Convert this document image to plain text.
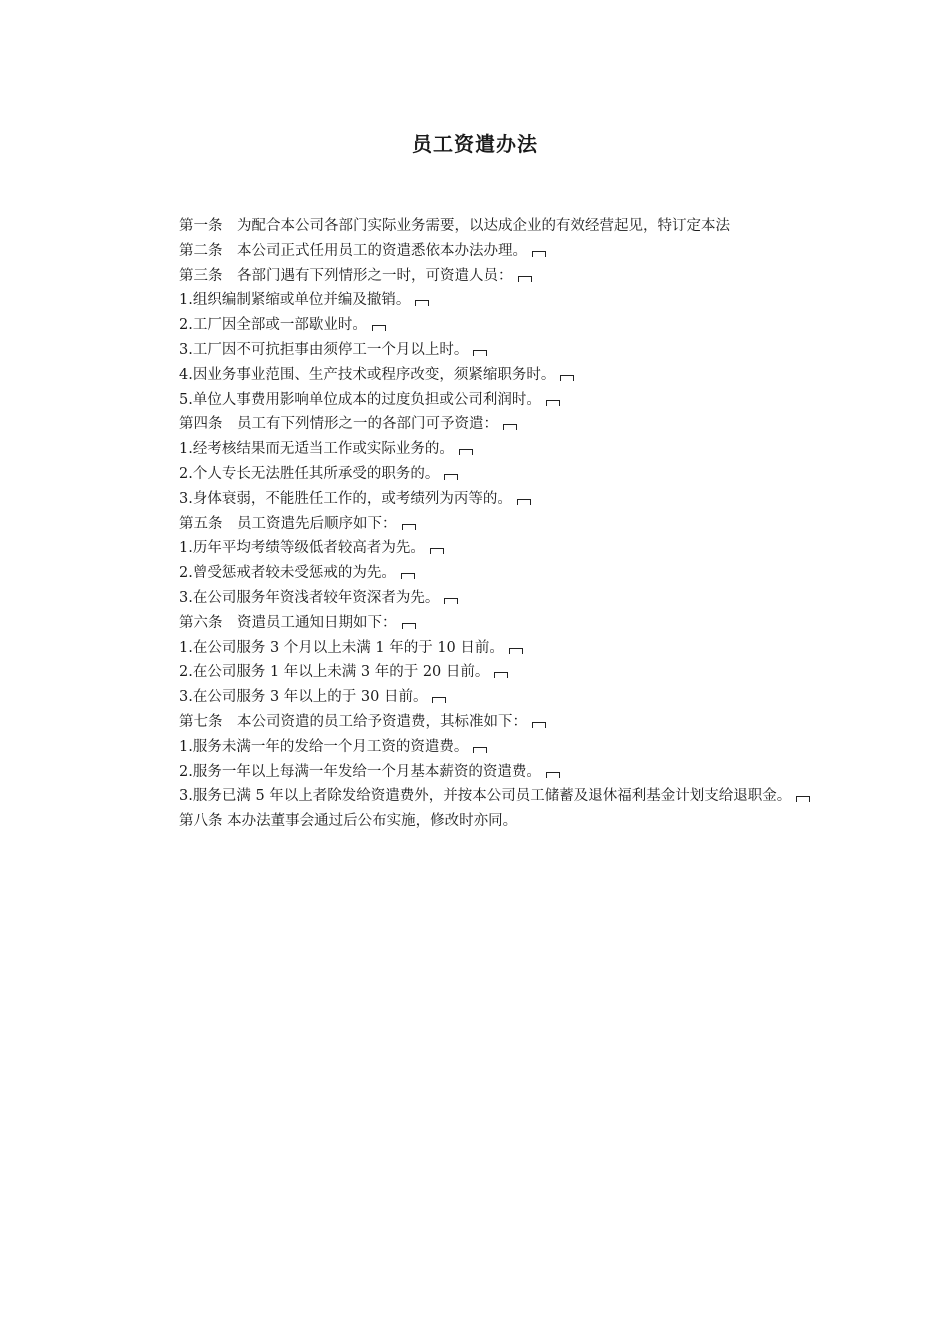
员工资遣办法

第一条　为配合本公司各部门实际业务需要，以达成企业的有效经营起见，特订定本法

第二条　本公司正式任用员工的资遣悉依本办法办理。

第三条　各部门遇有下列情形之一时，可资遣人员：

1.组织编制紧缩或单位并编及撤销。

2.工厂因全部或一部歇业时。

3.工厂因不可抗拒事由须停工一个月以上时。

4.因业务事业范围、生产技术或程序改变，须紧缩职务时。

5.单位人事费用影响单位成本的过度负担或公司利润时。

第四条　员工有下列情形之一的各部门可予资遣：

1.经考核结果而无适当工作或实际业务的。

2.个人专长无法胜任其所承受的职务的。

3.身体衰弱，不能胜任工作的，或考绩列为丙等的。

第五条　员工资遣先后顺序如下：

1.历年平均考绩等级低者较高者为先。

2.曾受惩戒者较未受惩戒的为先。

3.在公司服务年资浅者较年资深者为先。

第六条　资遣员工通知日期如下：

1.在公司服务 3 个月以上未满 1 年的于 10 日前。

2.在公司服务 1 年以上未满 3 年的于 20 日前。

3.在公司服务 3 年以上的于 30 日前。

第七条　本公司资遣的员工给予资遣费，其标准如下：

1.服务未满一年的发给一个月工资的资遣费。

2.服务一年以上每满一年发给一个月基本薪资的资遣费。

3.服务已满 5 年以上者除发给资遣费外，并按本公司员工储蓄及退休福利基金计划支给退职金。

第八条 本办法董事会通过后公布实施，修改时亦同。
